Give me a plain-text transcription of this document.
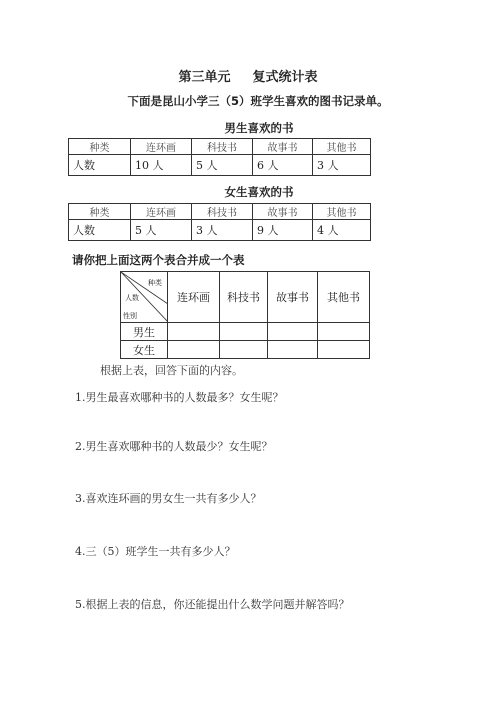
第三单元 复式统计表
下面是昆山小学三（5）班学生喜欢的图书记录单。
男生喜欢的书
种类	连环画	科技书	故事书	其他书
人数	10 人	5 人	6 人	3 人
女生喜欢的书
种类	连环画	科技书	故事书	其他书
人数	5 人	3 人	9 人	4 人
请你把上面这两个表合并成一个表
种类
人数
性别	连环画	科技书	故事书	其他书
男生				
女生				
根据上表，回答下面的内容。
1.男生最喜欢哪种书的人数最多？女生呢？
2.男生喜欢哪种书的人数最少？女生呢？
3.喜欢连环画的男女生一共有多少人？
4.三（5）班学生一共有多少人？
5.根据上表的信息，你还能提出什么数学问题并解答吗？
